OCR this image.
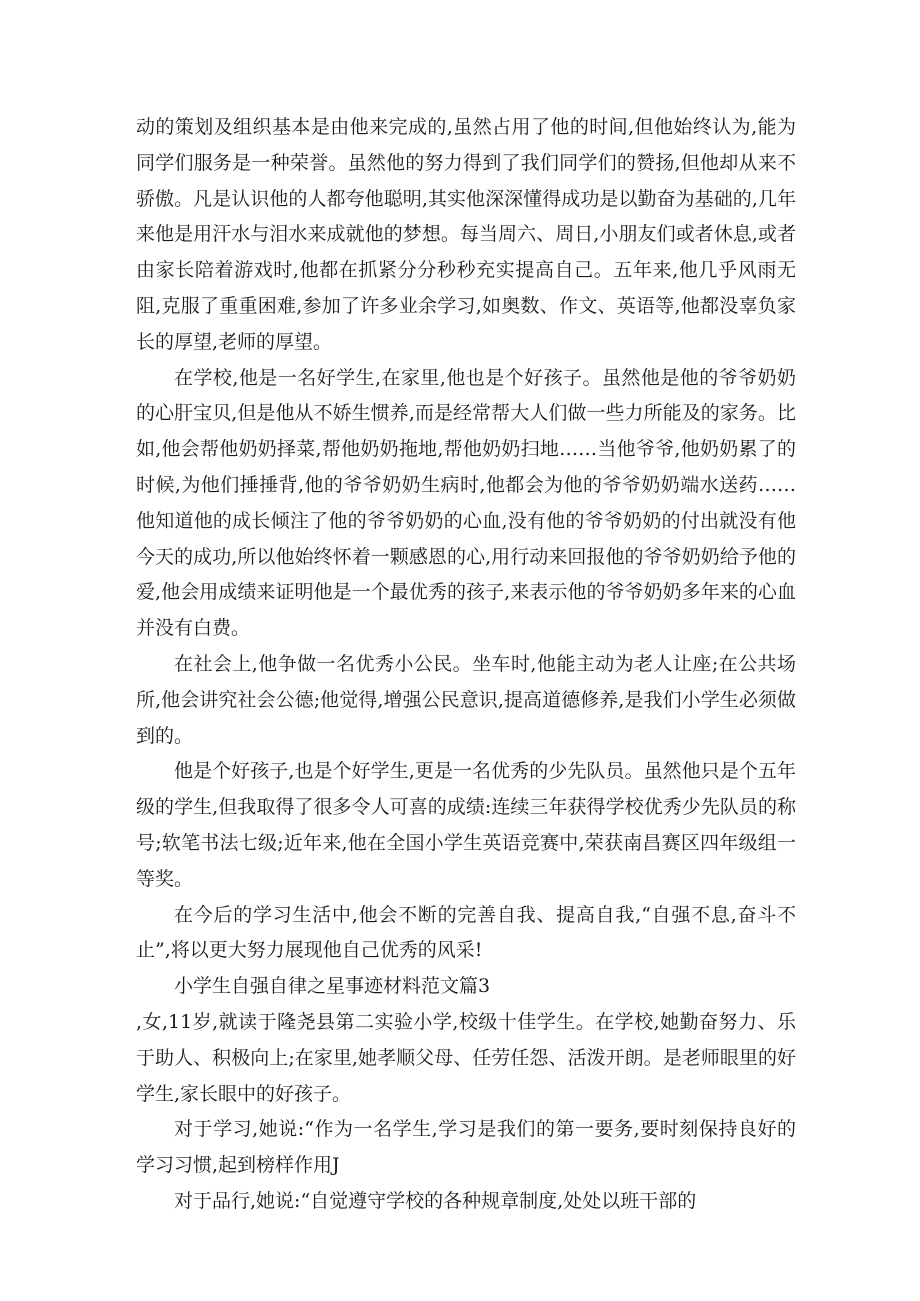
动的策划及组织基本是由他来完成的,虽然占用了他的时间,但他始终认为,能为同学们服务是一种荣誉。虽然他的努力得到了我们同学们的赞扬,但他却从来不骄傲。凡是认识他的人都夸他聪明,其实他深深懂得成功是以勤奋为基础的,几年来他是用汗水与泪水来成就他的梦想。每当周六、周日,小朋友们或者休息,或者由家长陪着游戏时,他都在抓紧分分秒秒充实提高自己。五年来,他几乎风雨无阻,克服了重重困难,参加了许多业余学习,如奥数、作文、英语等,他都没辜负家长的厚望,老师的厚望。

在学校,他是一名好学生,在家里,他也是个好孩子。虽然他是他的爷爷奶奶的心肝宝贝,但是他从不娇生惯养,而是经常帮大人们做一些力所能及的家务。比如,他会帮他奶奶择菜,帮他奶奶拖地,帮他奶奶扫地……当他爷爷,他奶奶累了的时候,为他们捶捶背,他的爷爷奶奶生病时,他都会为他的爷爷奶奶端水送药……他知道他的成长倾注了他的爷爷奶奶的心血,没有他的爷爷奶奶的付出就没有他今天的成功,所以他始终怀着一颗感恩的心,用行动来回报他的爷爷奶奶给予他的爱,他会用成绩来证明他是一个最优秀的孩子,来表示他的爷爷奶奶多年来的心血并没有白费。

在社会上,他争做一名优秀小公民。坐车时,他能主动为老人让座;在公共场所,他会讲究社会公德;他觉得,增强公民意识,提高道德修养,是我们小学生必须做到的。

他是个好孩子,也是个好学生,更是一名优秀的少先队员。虽然他只是个五年级的学生,但我取得了很多令人可喜的成绩:连续三年获得学校优秀少先队员的称号;软笔书法七级;近年来,他在全国小学生英语竞赛中,荣获南昌赛区四年级组一等奖。

在今后的学习生活中,他会不断的完善自我、提高自我,“自强不息,奋斗不止”,将以更大努力展现他自己优秀的风采!

小学生自强自律之星事迹材料范文篇3

,女,11岁,就读于隆尧县第二实验小学,校级十佳学生。在学校,她勤奋努力、乐于助人、积极向上;在家里,她孝顺父母、任劳任怨、活泼开朗。是老师眼里的好学生,家长眼中的好孩子。

对于学习,她说:“作为一名学生,学习是我们的第一要务,要时刻保持良好的学习习惯,起到榜样作用J

对于品行,她说:“自觉遵守学校的各种规章制度,处处以班干部的
